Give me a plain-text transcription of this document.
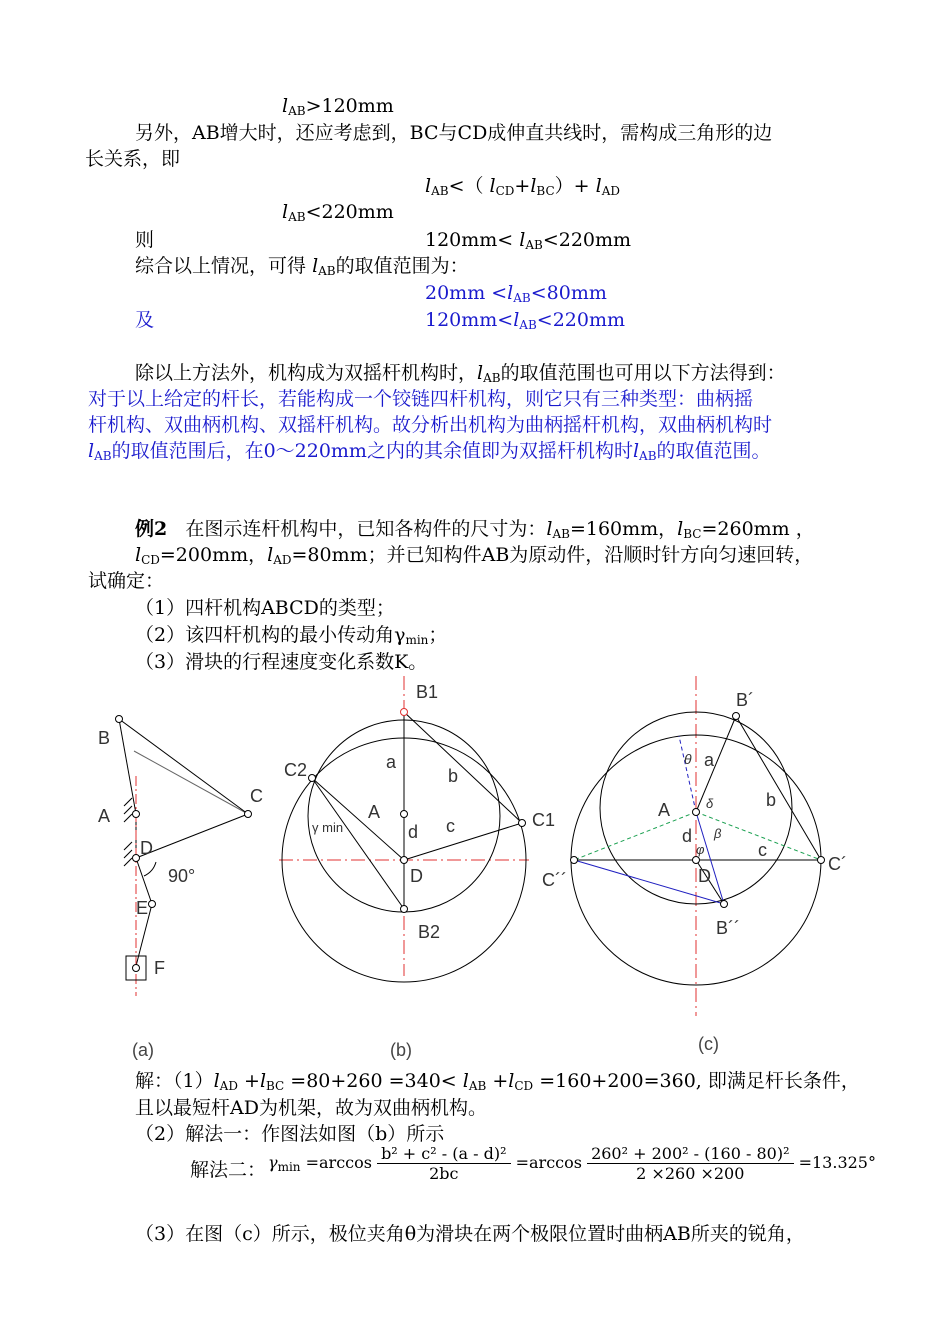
$l_{AB}>120mm$
另外，AB增大时，还应考虑到，BC与CD成伸直共线时，需构成三角形的边
长关系，即
$l_{AB}<$（ $l_{CD}+l_{BC})+ l_{AD}$
$l_{AB}<220mm$
则	$120mm< l_{AB}<220mm$
综合以上情况，可得 $l_{AB}$的取值范围为：
$20mm <l_{AB}<80mm$
及	$120mm<l_{AB}<220mm$
除以上方法外，机构成为双摇杆机构时，$l_{AB}$的取值范围也可用以下方法得到：
对于以上给定的杆长，若能构成一个铰链四杆机构，则它只有三种类型：曲柄摇
杆机构、双曲柄机构、双摇杆机构。故分析出机构为曲柄摇杆机构，双曲柄机构时
$l_{AB}$的取值范围后，在0～220mm之内的其余值即为双摇杆机构时$l_{AB}$的取值范围。
例2 在图示连杆机构中，已知各构件的尺寸为：$l_{AB}=160mm$，$l_{BC}=260mm$ ，
$l_{CD}=200mm$，$l_{AD}=80mm$；并已知构件AB为原动件，沿顺时针方向匀速回转，
试确定：
（1）四杆机构ABCD的类型；
（2）该四杆机构的最小传动角$\gamma_{min}$；
（3）滑块的行程速度变化系数K。
B
A
C
D
90°
E
F
B1
C2	a
b
A
γ min	c	C1
d
D
B2
B´
θ a
A	δ	b
d β
φ	c
C´´	D
C´
B´´
(a)	(b)	(c)
解：$(1)l_{AD} +l_{BC} =80+260 =340< l_{AB} +l_{CD} =160+200=360$, 即满足杆长条件，
且以最短杆AD为机架，故为双曲柄机构。
（2）解法一：作图法如图（b）所示
解法二： $\gamma_{min} =\arccos \frac{\text{b² + c² - (a - d)²}}{2bc} =\arccos \frac{\text{260² + 200² - (160 - 80)²}}{2 \times 260 \times 200} =13.325^\circ$
（3）在图（c）所示，极位夹角θ为滑块在两个极限位置时曲柄AB所夹的锐角，
